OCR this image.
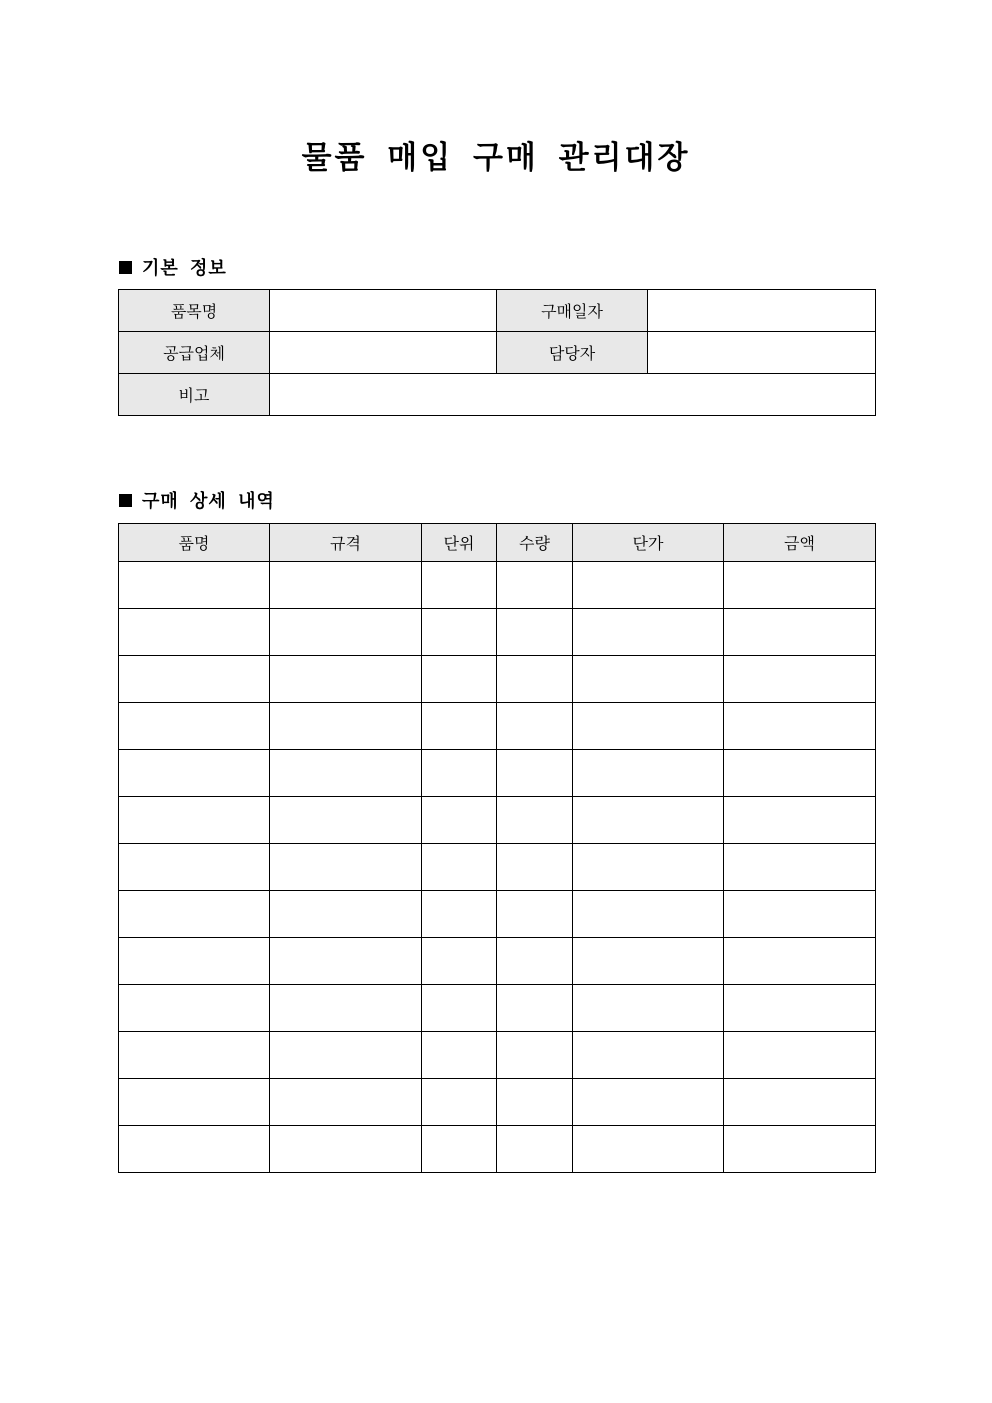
물품 매입 구매 관리대장
기본 정보
품목명		구매일자	
공급업체		담당자	
비고			
구매 상세 내역
품명	규격	단위	수량	단가	금액
